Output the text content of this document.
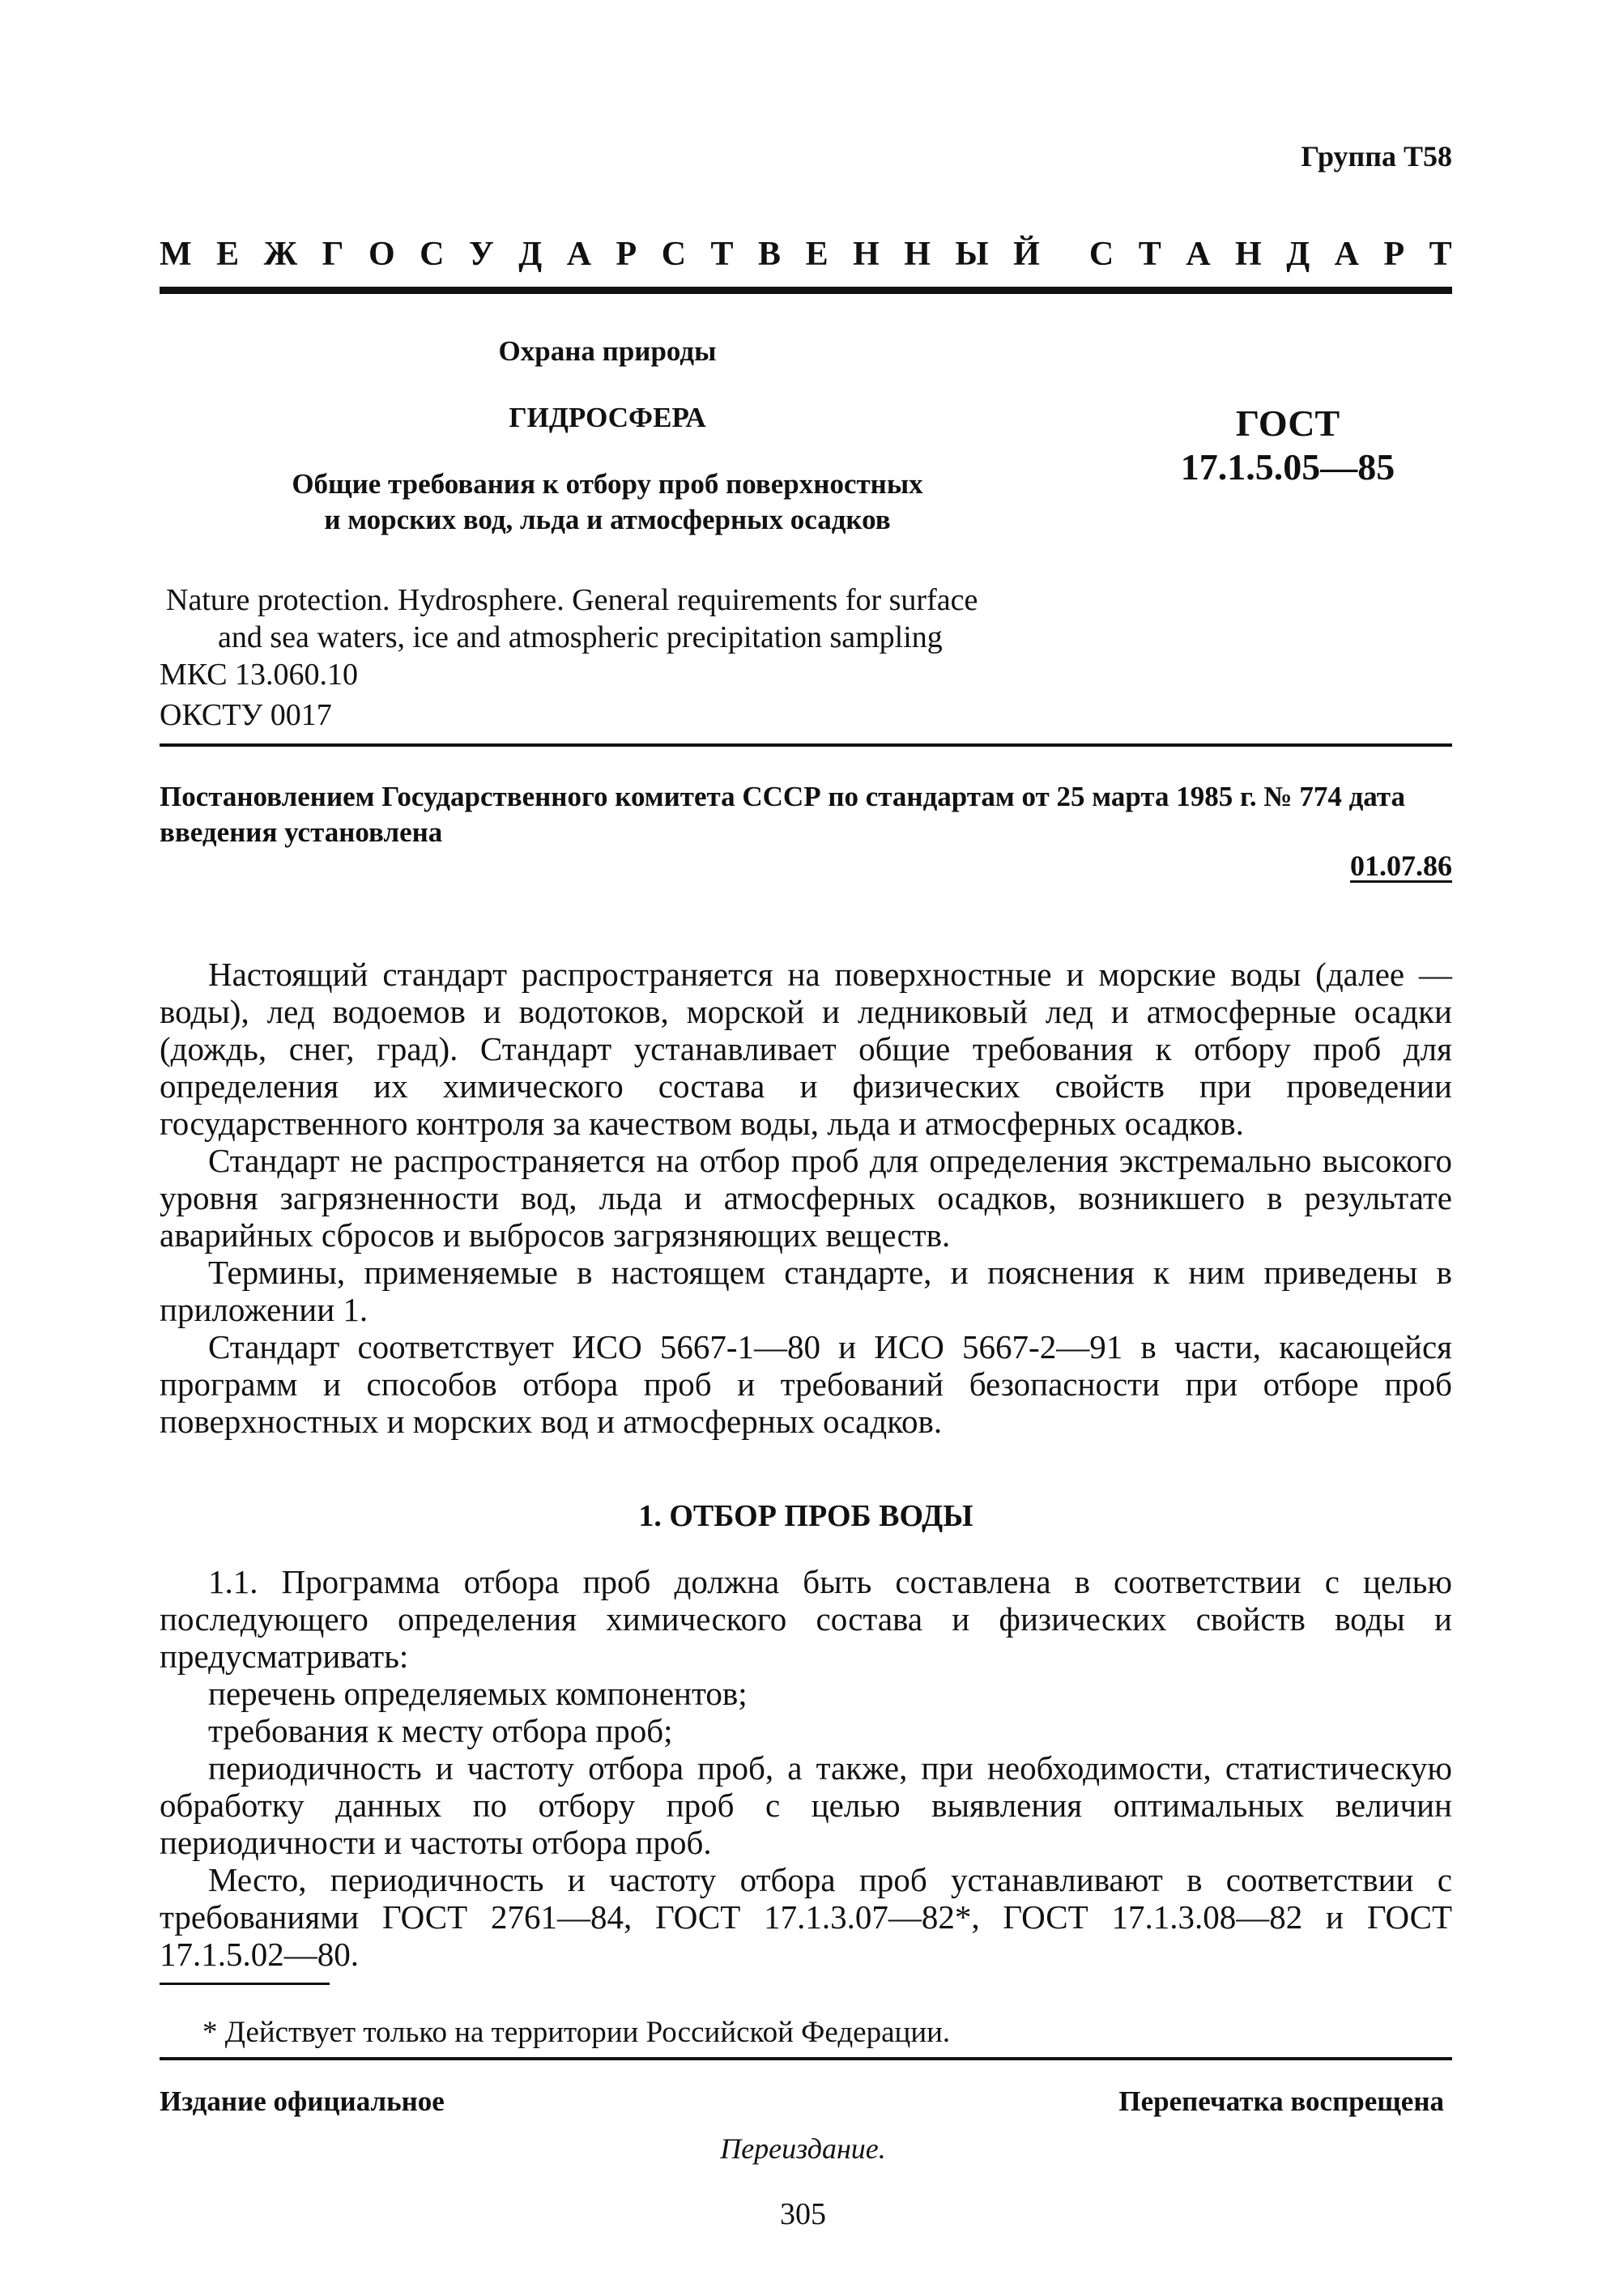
Группа Т58
М Е Ж Г О С У Д А Р С Т В Е Н Н Ы Й С Т А Н Д А Р Т
Охрана природы
ГИДРОСФЕРА
Общие требования к отбору проб поверхностных
и морских вод, льда и атмосферных осадков
ГОСТ
17.1.5.05—85
Nature protection. Hydrosphere. General requirements for surface
and sea waters, ice and atmospheric precipitation sampling
МКС 13.060.10
ОКСТУ 0017
Постановлением Государственного комитета СССР по стандартам от 25 марта 1985 г. № 774 дата введения установлена
01.07.86

Настоящий стандарт распространяется на поверхностные и морские воды (далее — воды), лед водоемов и водотоков, морской и ледниковый лед и атмосферные осадки (дождь, снег, град). Стандарт устанавливает общие требования к отбору проб для определения их химического состава и физических свойств при проведении государственного контроля за качеством воды, льда и атмосферных осадков.

Стандарт не распространяется на отбор проб для определения экстремально высокого уровня загрязненности вод, льда и атмосферных осадков, возникшего в результате аварийных сбросов и выбросов загрязняющих веществ.

Термины, применяемые в настоящем стандарте, и пояснения к ним приведены в приложении 1.

Стандарт соответствует ИСО 5667-1—80 и ИСО 5667-2—91 в части, касающейся программ и способов отбора проб и требований безопасности при отборе проб поверхностных и морских вод и атмосферных осадков.

1. ОТБОР ПРОБ ВОДЫ

1.1. Программа отбора проб должна быть составлена в соответствии с целью последующего определения химического состава и физических свойств воды и предусматривать:

перечень определяемых компонентов;

требования к месту отбора проб;

периодичность и частоту отбора проб, а также, при необходимости, статистическую обработку данных по отбору проб с целью выявления оптимальных величин периодичности и частоты отбора проб.

Место, периодичность и частоту отбора проб устанавливают в соответствии с требованиями ГОСТ 2761—84, ГОСТ 17.1.3.07—82*, ГОСТ 17.1.3.08—82 и ГОСТ 17.1.5.02—80.

* Действует только на территории Российской Федерации.
Издание официальное	Перепечатка воспрещена
Переиздание.
305
